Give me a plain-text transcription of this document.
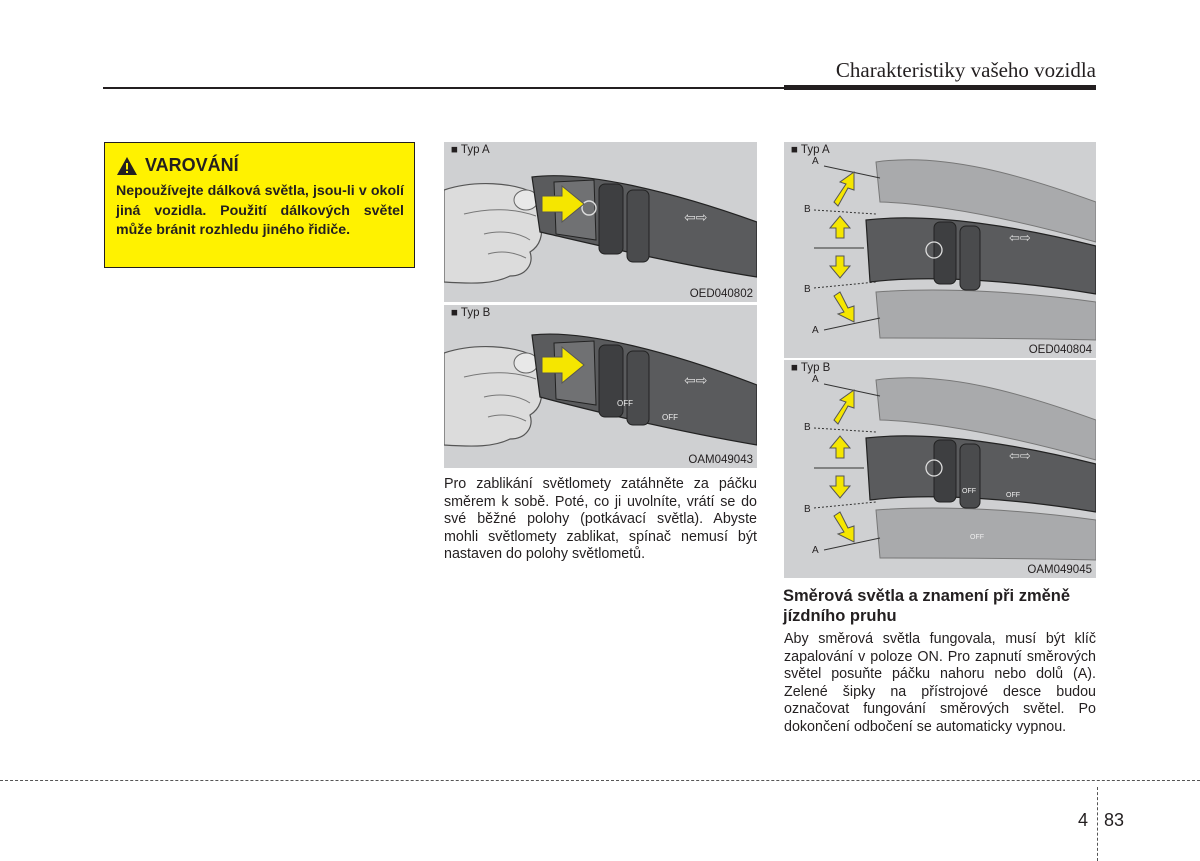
Charakteristiky vašeho vozidla
VAROVÁNÍ
Nepoužívejte dálková světla, jsou-li v okolí jiná vozidla. Použití dálkových světel může bránit rozhledu jiného řidiče.
⇦⇨
■ Typ A
OED040802
⇦⇨
OFF
OFF
■ Typ B
OAM049043
⇦⇨
■ Typ A
A
B
B
A
OED040804
⇦⇨
OFF
OFF
OFF
■ Typ B
A
B
B
A
OAM049045
Pro zablikání světlomety zatáhněte za páčku směrem k sobě. Poté, co ji uvolníte, vrátí se do své běžné polohy (potkávací světla). Abyste mohli světlomety zablikat, spínač nemusí být nastaven do polohy světlometů.
Směrová světla a znamení při změně jízdního pruhu
Aby směrová světla fungovala, musí být klíč zapalování v poloze ON. Pro zapnutí směrových světel posuňte páčku nahoru nebo dolů (A). Zelené šipky na přístrojové desce budou označovat fungování směrových světel. Po dokončení odbočení se automaticky vypnou.
4 83
